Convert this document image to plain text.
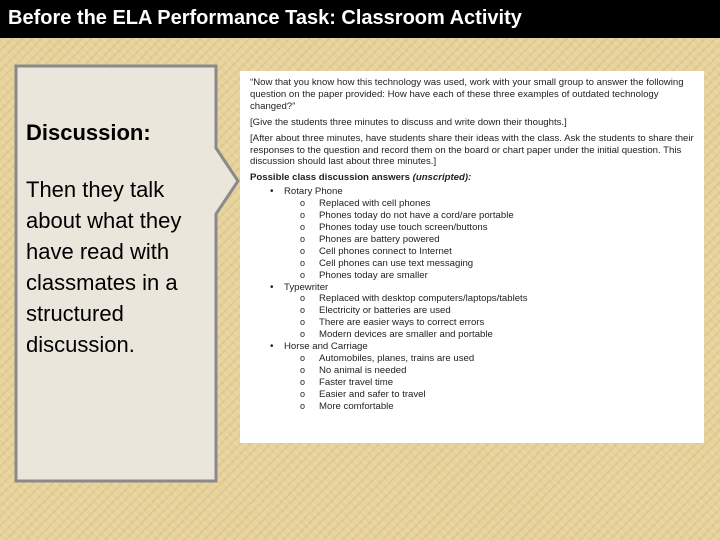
Before the ELA Performance Task: Classroom Activity
Discussion:
Then they talk about what they have read with classmates in a structured discussion.

“Now that you know how this technology was used, work with your small group to answer the following question on the paper provided: How have each of these three examples of outdated technology changed?”

[Give the students three minutes to discuss and write down their thoughts.]

[After about three minutes, have students share their ideas with the class. Ask the students to share their responses to the question and record them on the board or chart paper under the initial question. This discussion should last about three minutes.]

Possible class discussion answers (unscripted):

• Rotary Phone
o Replaced with cell phones
o Phones today do not have a cord/are portable
o Phones today use touch screen/buttons
o Phones are battery powered
o Cell phones connect to Internet
o Cell phones can use text messaging
o Phones today are smaller
• Typewriter
o Replaced with desktop computers/laptops/tablets
o Electricity or batteries are used
o There are easier ways to correct errors
o Modern devices are smaller and portable
• Horse and Carriage
o Automobiles, planes, trains are used
o No animal is needed
o Faster travel time
o Easier and safer to travel
o More comfortable
